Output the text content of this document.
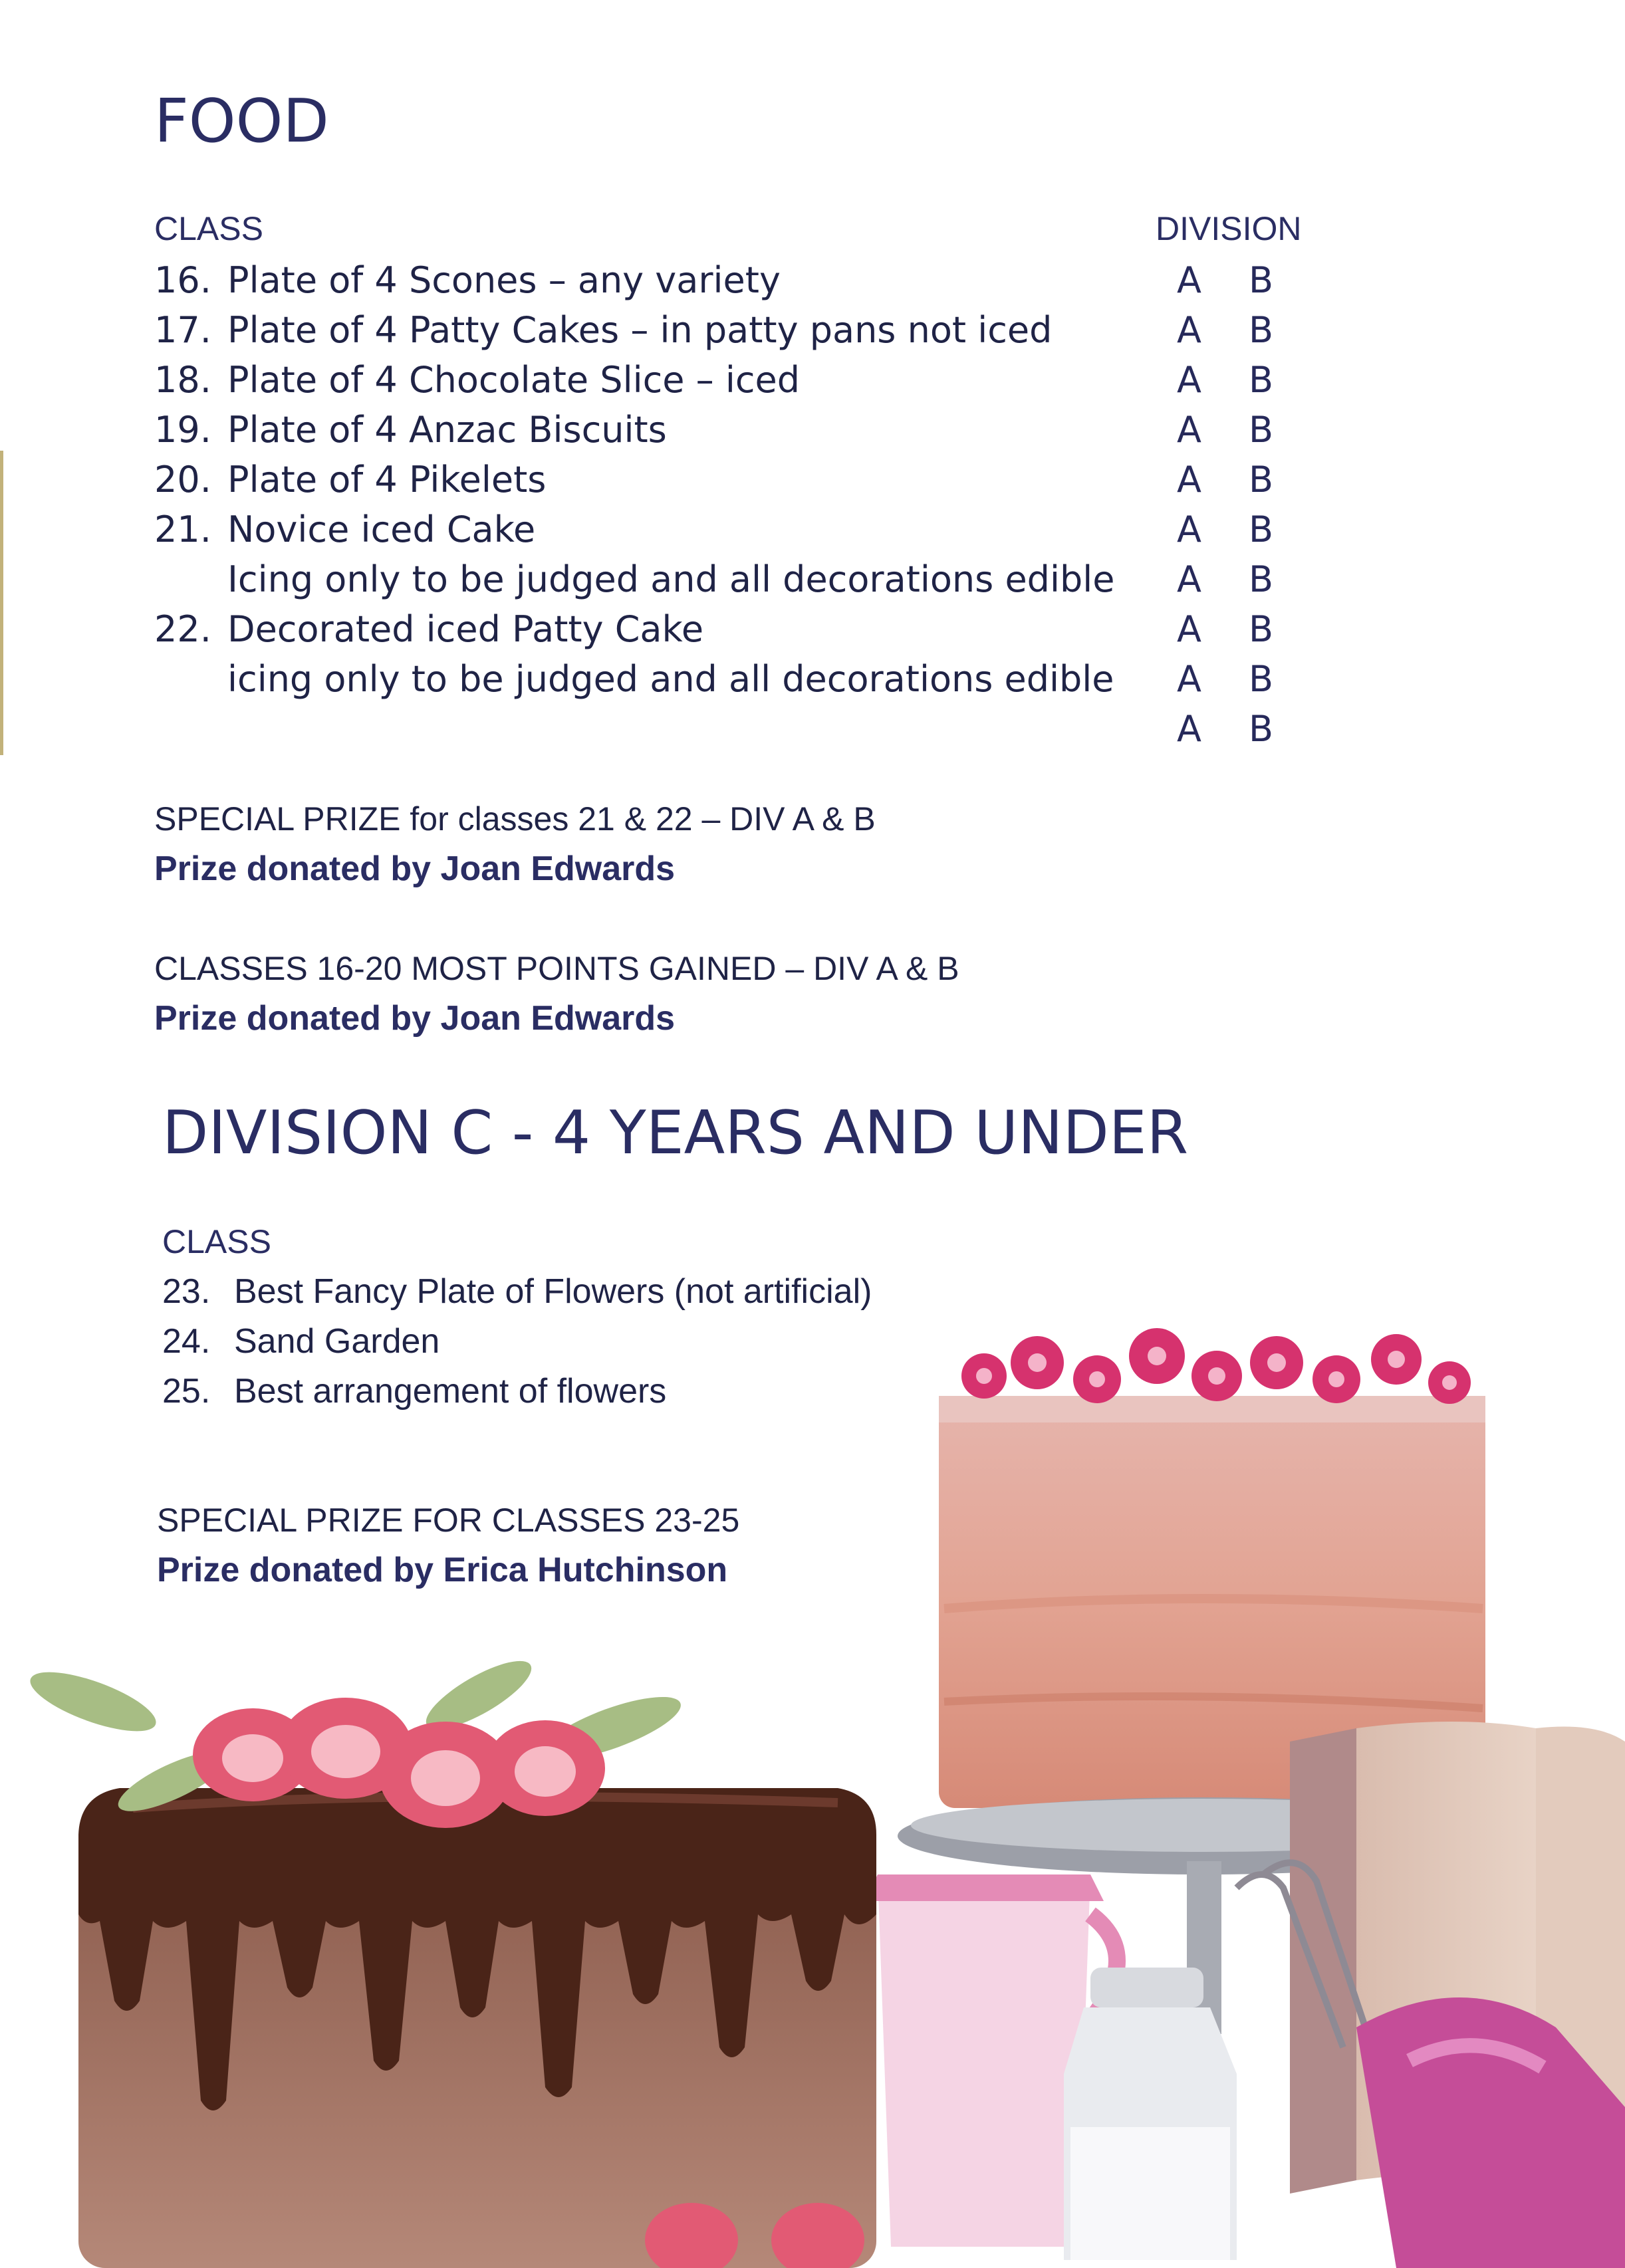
FOOD
CLASS	DIVISION
16. Plate of 4 Scones – any variety
17. Plate of 4 Patty Cakes – in patty pans not iced
18. Plate of 4 Chocolate Slice – iced
19. Plate of 4 Anzac Biscuits
20. Plate of 4 Pikelets
21. Novice iced Cake
Icing only to be judged and all decorations edible
22. Decorated iced Patty Cake
icing only to be judged and all decorations edible
A B
A B
A B
A B
A B
A B
A B
A B
A B
A B
SPECIAL PRIZE for classes 21 & 22 – DIV A & B
Prize donated by Joan Edwards
CLASSES 16-20 MOST POINTS GAINED – DIV A & B
Prize donated by Joan Edwards
DIVISION C - 4 YEARS AND UNDER
CLASS
23. Best Fancy Plate of Flowers (not artificial)
24. Sand Garden
25. Best arrangement of flowers
SPECIAL PRIZE FOR CLASSES 23-25
Prize donated by Erica Hutchinson
